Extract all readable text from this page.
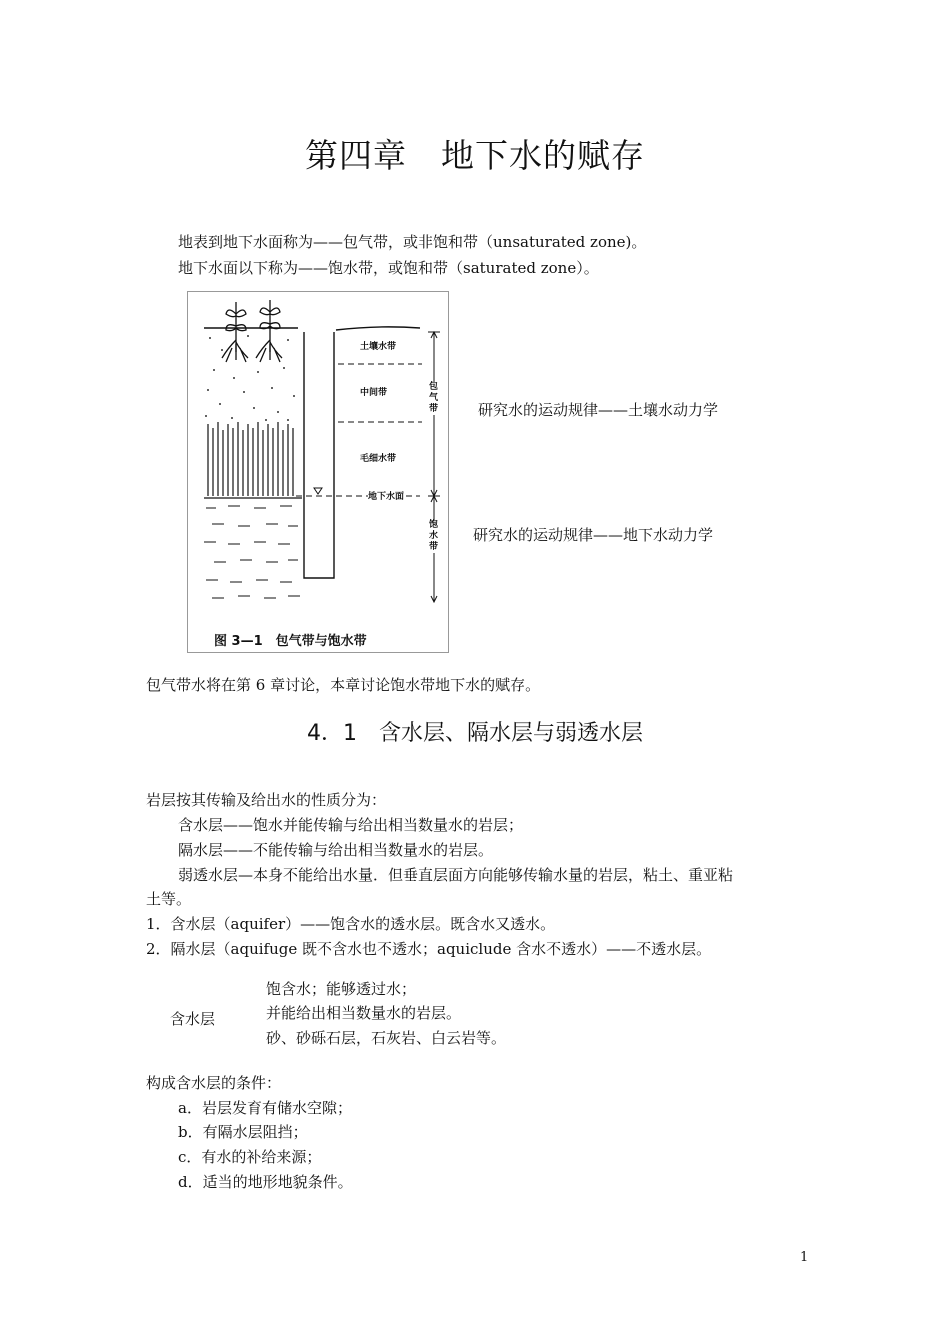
第四章　地下水的赋存
地表到地下水面称为——包气带，或非饱和带（unsaturated zone)。
地下水面以下称为——饱水带，或饱和带（saturated zone）。
土壤水带
中间带
毛细水带
地下水面
包气带
饱水带
图 3—1　包气带与饱水带
研究水的运动规律——土壤水动力学
研究水的运动规律——地下水动力学
包气带水将在第 6 章讨论，本章讨论饱水带地下水的赋存。
4．1　含水层、隔水层与弱透水层
岩层按其传输及给出水的性质分为：
含水层——饱水并能传输与给出相当数量水的岩层；
隔水层——不能传输与给出相当数量水的岩层。
弱透水层—本身不能给出水量．但垂直层面方向能够传输水量的岩层，粘土、重亚粘
土等。
1．含水层（aquifer）——饱含水的透水层。既含水又透水。
2．隔水层（aquifuge 既不含水也不透水；aquiclude 含水不透水）——不透水层。
含水层
饱含水；能够透过水；
并能给出相当数量水的岩层。
砂、砂砾石层，石灰岩、白云岩等。
构成含水层的条件：
a．岩层发育有储水空隙；
b．有隔水层阻挡；
c．有水的补给来源；
d．适当的地形地貌条件。
1
